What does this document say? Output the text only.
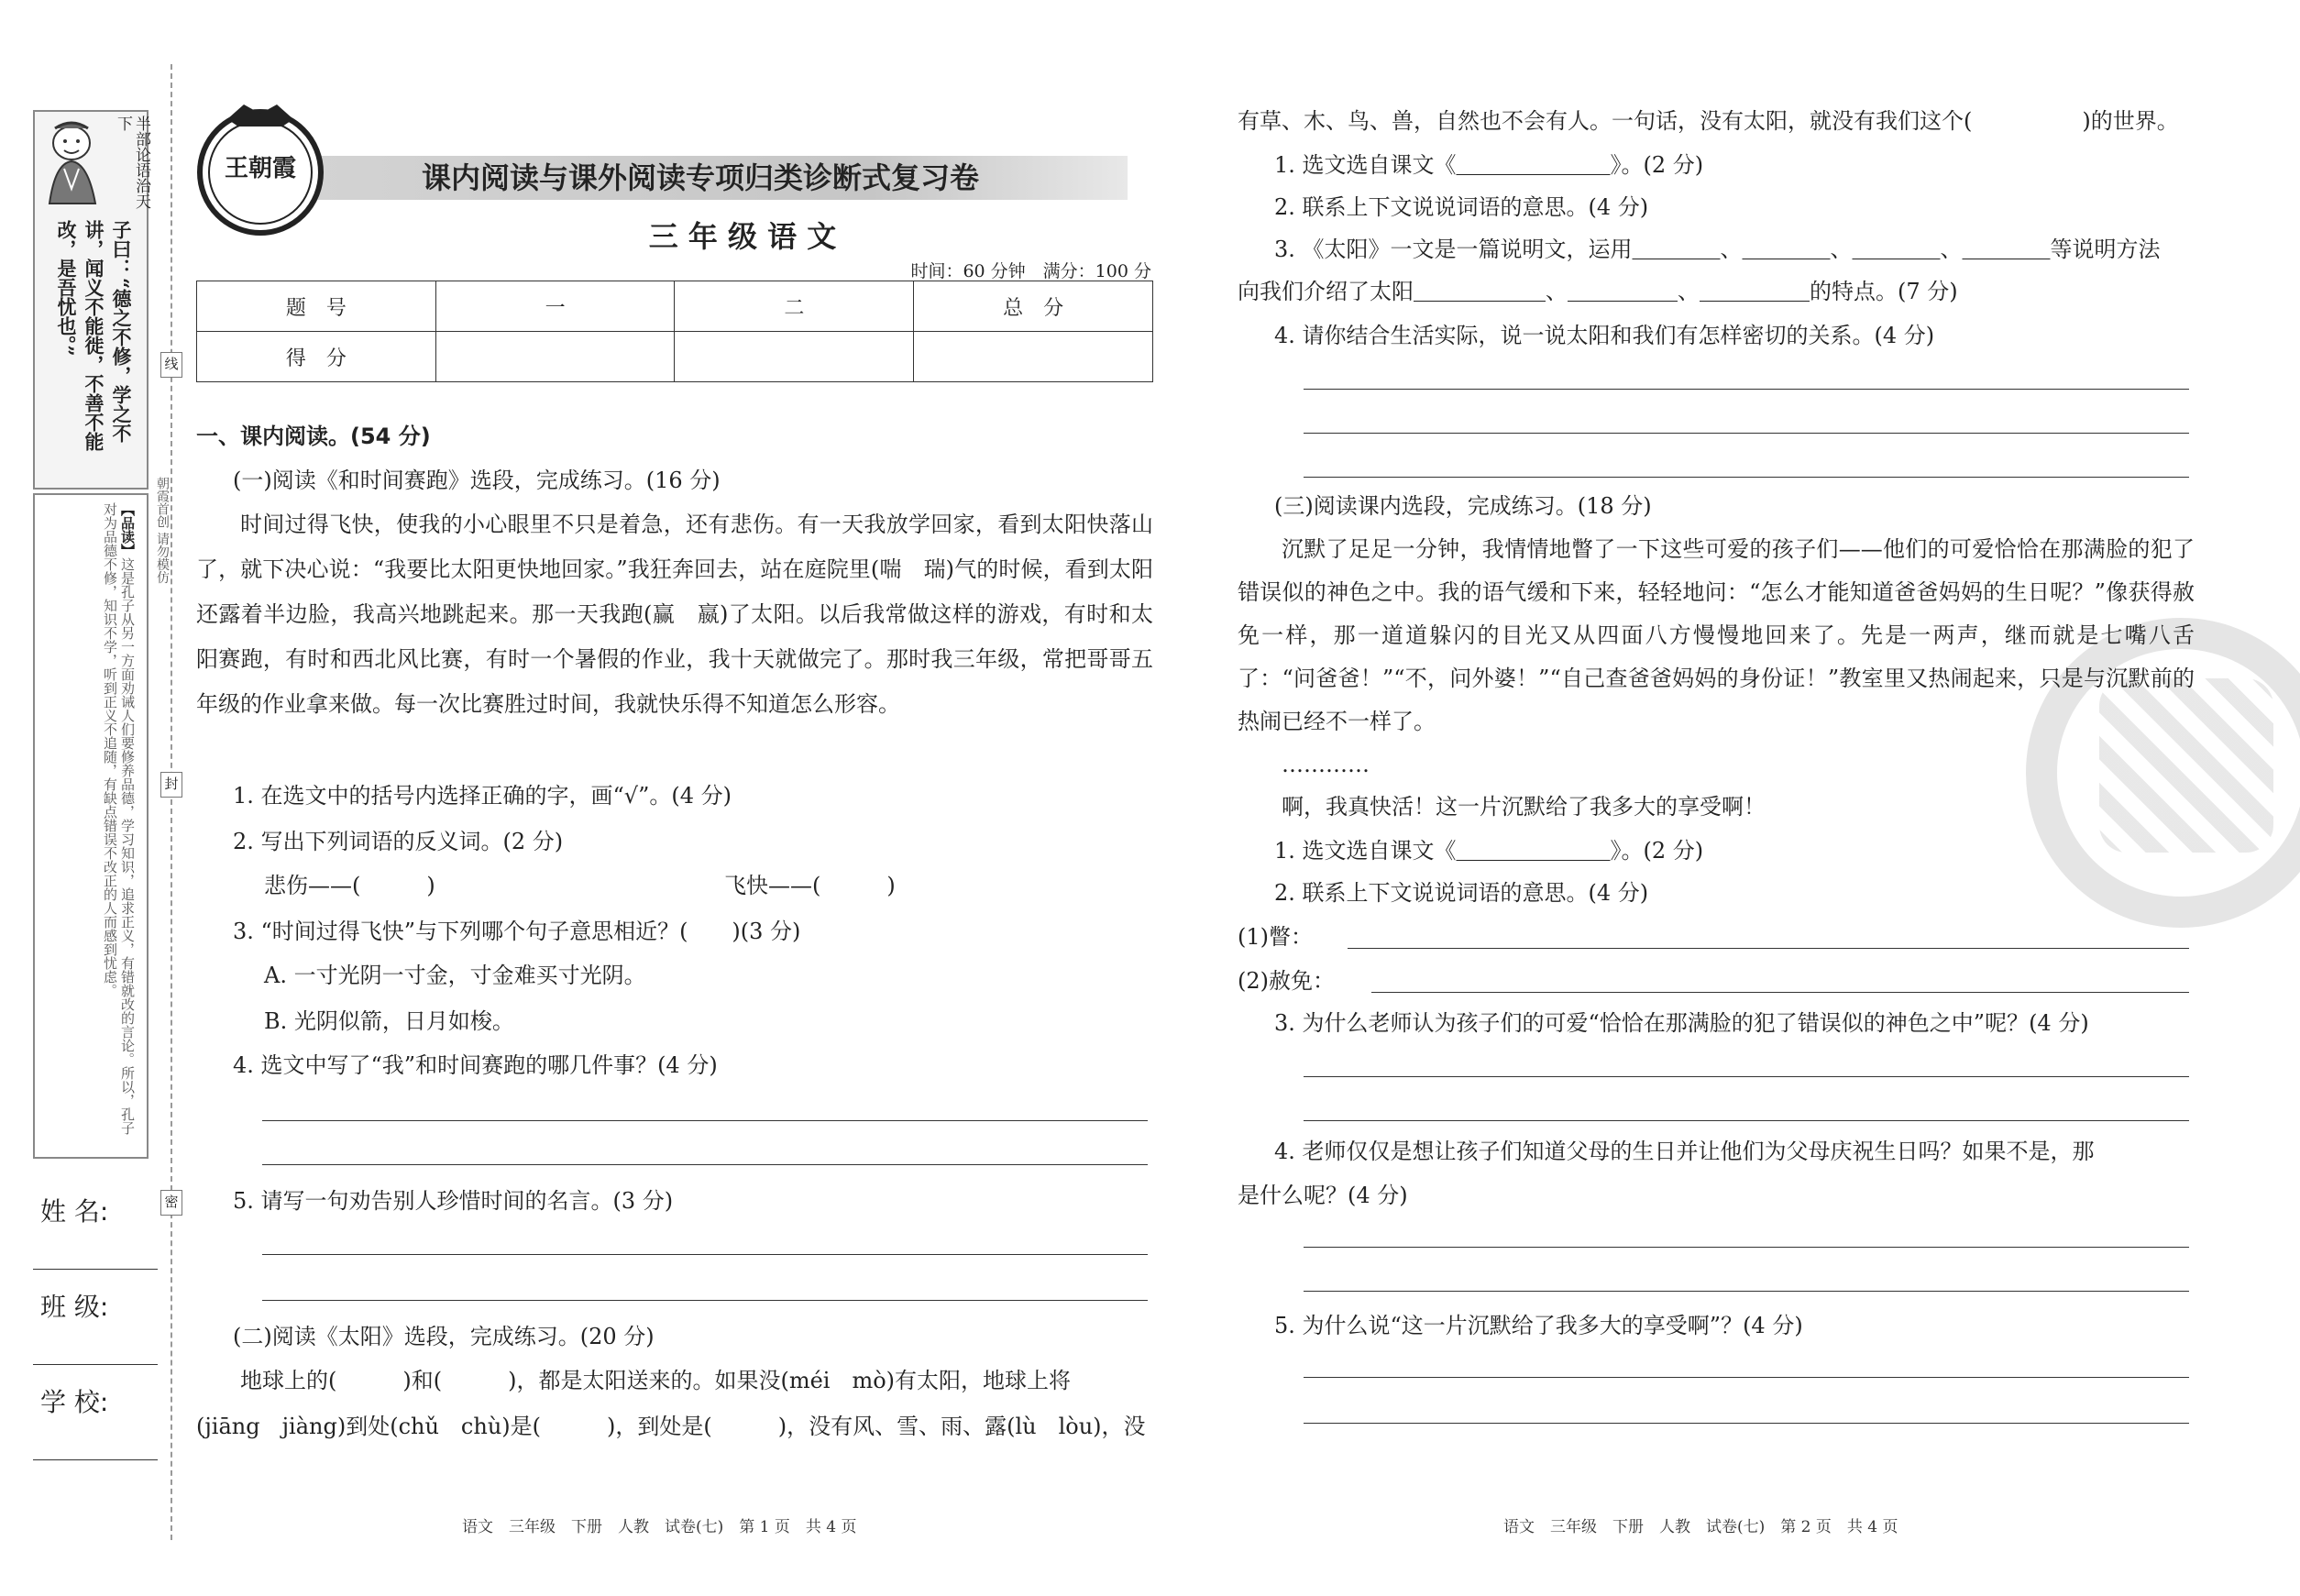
半部论语治天下
子曰：“德之不修，学之不讲，闻义不能徙，不善不能改，是吾忧也。”
【品读】这是孔子从另一方面劝诫人们要修养品德，学习知识，追求正义，有错就改的言论。所以，孔子对为品德不修，知识不学，听到正义不追随，有缺点错误不改正的人而感到忧虑。
线
封
密
朝霞首创 请勿模仿
姓 名:
班 级:
学 校:
王朝霞	课内阅读与课外阅读专项归类诊断式复习卷
三 年 级 语 文
时间：60 分钟　满分：100 分
题　号	一	二	总　分
得　分			
一、课内阅读。(54 分)
(一)阅读《和时间赛跑》选段，完成练习。(16 分)
时间过得飞快，使我的小心眼里不只是着急，还有悲伤。有一天我放学回家，看到太阳快落山了，就下决心说：“我要比太阳更快地回家。”我狂奔回去，站在庭院里(喘　瑞)气的时候，看到太阳还露着半边脸，我高兴地跳起来。那一天我跑(赢　嬴)了太阳。以后我常做这样的游戏，有时和太阳赛跑，有时和西北风比赛，有时一个暑假的作业，我十天就做完了。那时我三年级，常把哥哥五年级的作业拿来做。每一次比赛胜过时间，我就快乐得不知道怎么形容。
1. 在选文中的括号内选择正确的字，画“√”。(4 分)
2. 写出下列词语的反义词。(2 分)
悲伤——(　　　)	飞快——(　　　)
3. “时间过得飞快”与下列哪个句子意思相近？(　　)(3 分)
A. 一寸光阴一寸金，寸金难买寸光阴。
B. 光阴似箭，日月如梭。
4. 选文中写了“我”和时间赛跑的哪几件事？(4 分)
5. 请写一句劝告别人珍惜时间的名言。(3 分)
(二)阅读《太阳》选段，完成练习。(20 分)
地球上的(　　　)和(　　　)，都是太阳送来的。如果没(méi　mò)有太阳，地球上将
(jiāng　jiàng)到处(chǔ　chù)是(　　　)，到处是(　　　)，没有风、雪、雨、露(lù　lòu)，没
语文　三年级　下册　人教　试卷(七)　第 1 页　共 4 页
有草、木、鸟、兽，自然也不会有人。一句话，没有太阳，就没有我们这个(　　　　　)的世界。
1. 选文选自课文《＿＿＿＿＿＿＿》。(2 分)
2. 联系上下文说说词语的意思。(4 分)
3. 《太阳》一文是一篇说明文，运用＿＿＿＿、＿＿＿＿、＿＿＿＿、＿＿＿＿等说明方法
向我们介绍了太阳＿＿＿＿＿＿、＿＿＿＿＿、＿＿＿＿＿的特点。(7 分)
4. 请你结合生活实际，说一说太阳和我们有怎样密切的关系。(4 分)
(三)阅读课内选段，完成练习。(18 分)
沉默了足足一分钟，我情情地瞥了一下这些可爱的孩子们——他们的可爱恰恰在那满脸的犯了错误似的神色之中。我的语气缓和下来，轻轻地问：“怎么才能知道爸爸妈妈的生日呢？”像获得赦免一样，那一道道躲闪的目光又从四面八方慢慢地回来了。先是一两声，继而就是七嘴八舌了：“问爸爸！”“不，问外婆！”“自己查爸爸妈妈的身份证！”教室里又热闹起来，只是与沉默前的热闹已经不一样了。
…………
啊，我真快活！这一片沉默给了我多大的享受啊！
1. 选文选自课文《＿＿＿＿＿＿＿》。(2 分)
2. 联系上下文说说词语的意思。(4 分)
(1)瞥：
(2)赦免：
3. 为什么老师认为孩子们的可爱“恰恰在那满脸的犯了错误似的神色之中”呢？(4 分)
4. 老师仅仅是想让孩子们知道父母的生日并让他们为父母庆祝生日吗？如果不是，那
是什么呢？(4 分)
5. 为什么说“这一片沉默给了我多大的享受啊”？(4 分)
语文　三年级　下册　人教　试卷(七)　第 2 页　共 4 页
